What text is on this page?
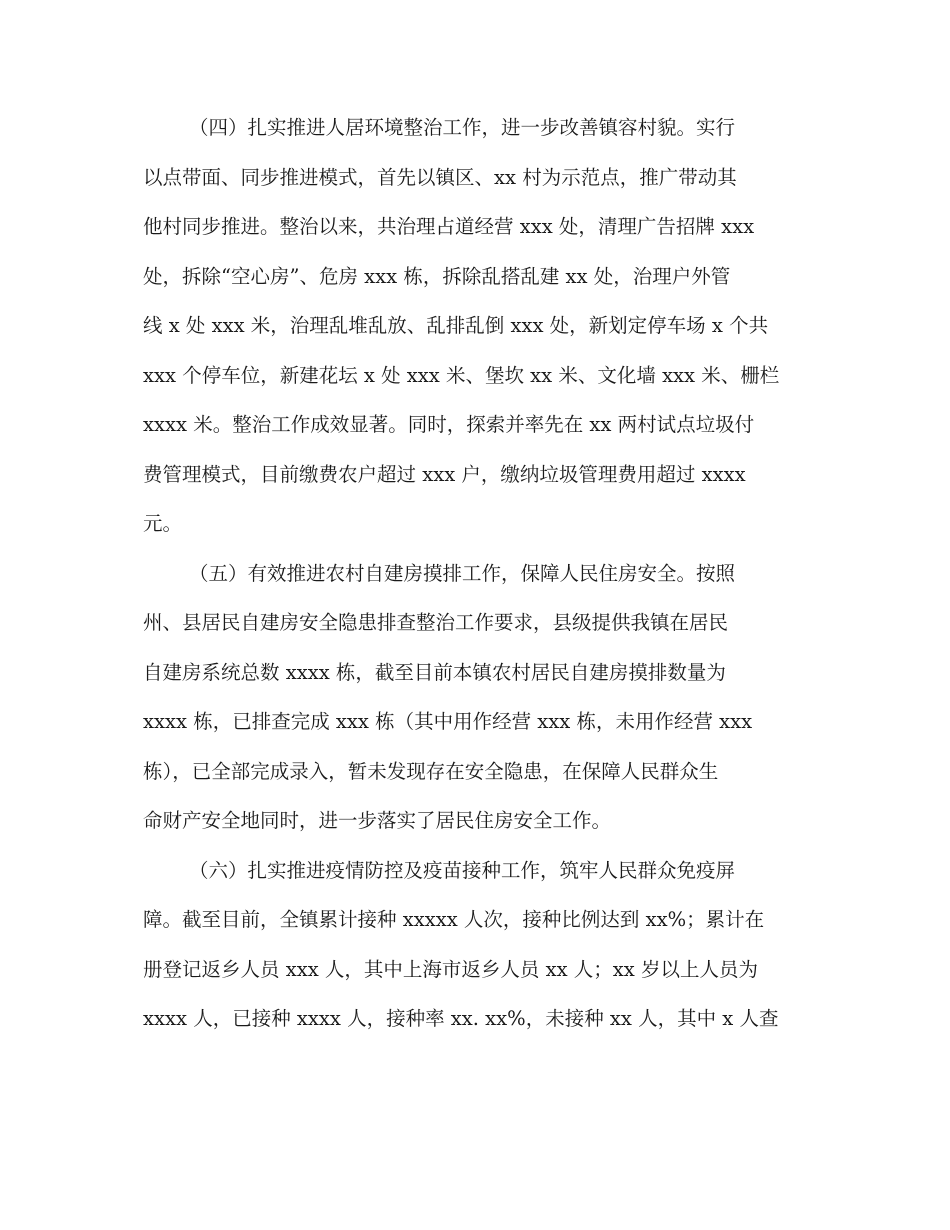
（四）扎实推进人居环境整治工作，进一步改善镇容村貌。实行
以点带面、同步推进模式，首先以镇区、xx 村为示范点，推广带动其
他村同步推进。整治以来，共治理占道经营 xxx 处，清理广告招牌 xxx
处，拆除“空心房”、危房 xxx 栋，拆除乱搭乱建 xx 处，治理户外管
线 x 处 xxx 米，治理乱堆乱放、乱排乱倒 xxx 处，新划定停车场 x 个共
xxx 个停车位，新建花坛 x 处 xxx 米、堡坎 xx 米、文化墙 xxx 米、栅栏
xxxx 米。整治工作成效显著。同时，探索并率先在 xx 两村试点垃圾付
费管理模式，目前缴费农户超过 xxx 户，缴纳垃圾管理费用超过 xxxx
元。
（五）有效推进农村自建房摸排工作，保障人民住房安全。按照
州、县居民自建房安全隐患排查整治工作要求，县级提供我镇在居民
自建房系统总数 xxxx 栋，截至目前本镇农村居民自建房摸排数量为
xxxx 栋，已排查完成 xxx 栋（其中用作经营 xxx 栋，未用作经营 xxx
栋），已全部完成录入，暂未发现存在安全隐患，在保障人民群众生
命财产安全地同时，进一步落实了居民住房安全工作。
（六）扎实推进疫情防控及疫苗接种工作，筑牢人民群众免疫屏
障。截至目前，全镇累计接种 xxxxx 人次，接种比例达到 xx%；累计在
册登记返乡人员 xxx 人，其中上海市返乡人员 xx 人；xx 岁以上人员为
xxxx 人，已接种 xxxx 人，接种率 xx. xx%，未接种 xx 人，其中 x 人查
